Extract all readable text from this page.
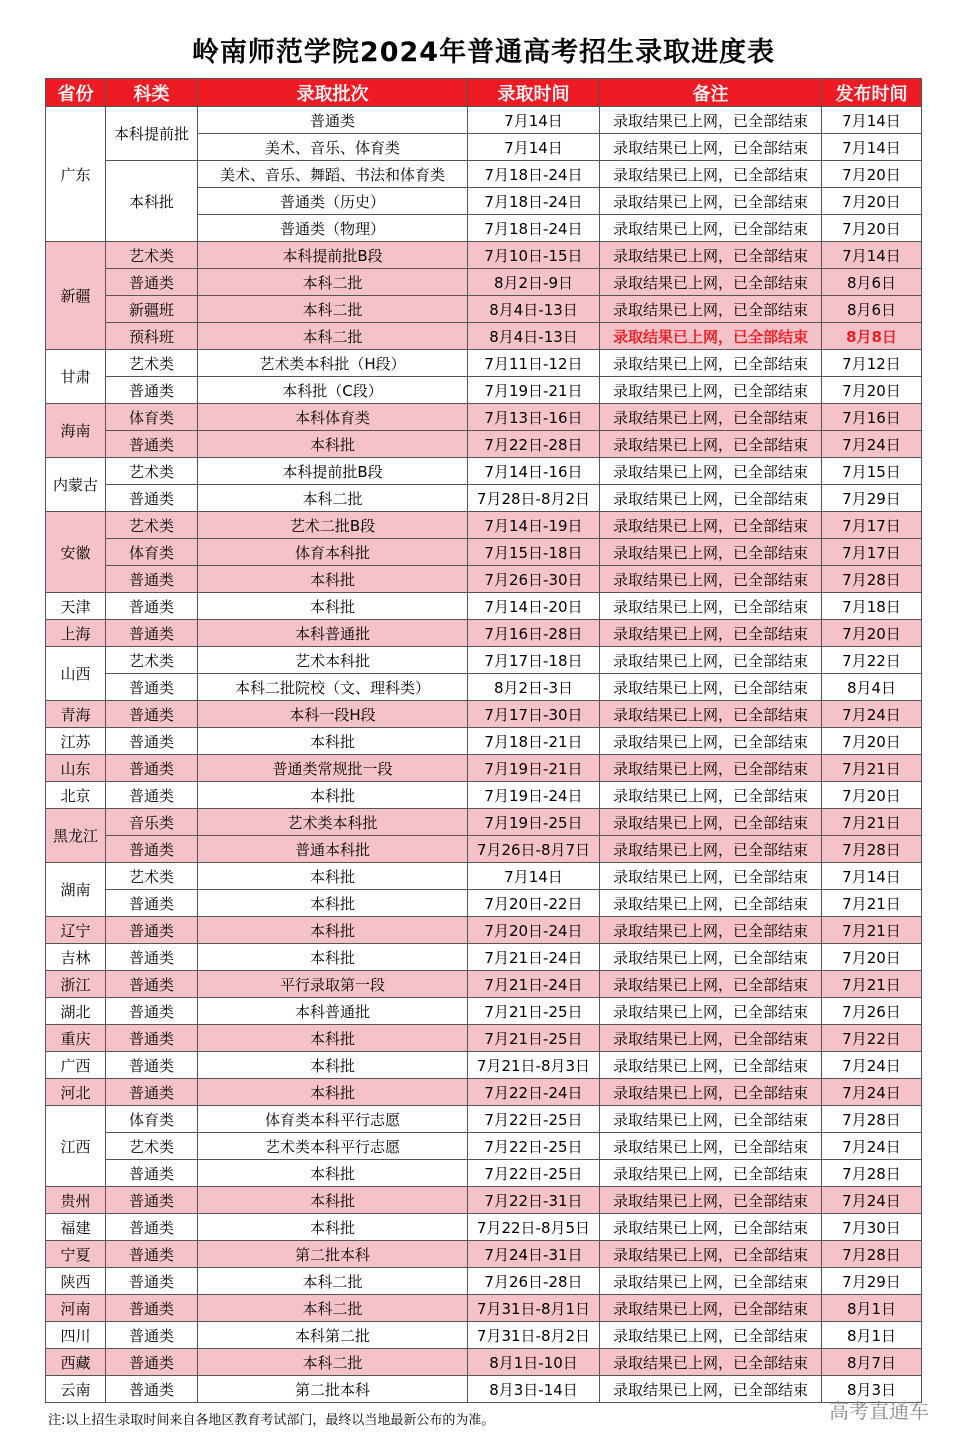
岭南师范学院2024年普通高考招生录取进度表
省份	科类	录取批次	录取时间	备注	发布时间
广东	本科提前批	普通类	7月14日	录取结果已上网，已全部结束	7月14日
		美术、音乐、体育类	7月14日	录取结果已上网，已全部结束	7月14日
	本科批	美术、音乐、舞蹈、书法和体育类	7月18日-24日	录取结果已上网，已全部结束	7月20日
		普通类（历史）	7月18日-24日	录取结果已上网，已全部结束	7月20日
		普通类（物理）	7月18日-24日	录取结果已上网，已全部结束	7月20日
新疆	艺术类	本科提前批B段	7月10日-15日	录取结果已上网，已全部结束	7月14日
	普通类	本科二批	8月2日-9日	录取结果已上网，已全部结束	8月6日
	新疆班	本科二批	8月4日-13日	录取结果已上网，已全部结束	8月6日
	预科班	本科二批	8月4日-13日	录取结果已上网，已全部结束	8月8日
甘肃	艺术类	艺术类本科批（H段）	7月11日-12日	录取结果已上网，已全部结束	7月12日
	普通类	本科批（C段）	7月19日-21日	录取结果已上网，已全部结束	7月20日
海南	体育类	本科体育类	7月13日-16日	录取结果已上网，已全部结束	7月16日
	普通类	本科批	7月22日-28日	录取结果已上网，已全部结束	7月24日
内蒙古	艺术类	本科提前批B段	7月14日-16日	录取结果已上网，已全部结束	7月15日
	普通类	本科二批	7月28日-8月2日	录取结果已上网，已全部结束	7月29日
安徽	艺术类	艺术二批B段	7月14日-19日	录取结果已上网，已全部结束	7月17日
	体育类	体育本科批	7月15日-18日	录取结果已上网，已全部结束	7月17日
	普通类	本科批	7月26日-30日	录取结果已上网，已全部结束	7月28日
天津	普通类	本科批	7月14日-20日	录取结果已上网，已全部结束	7月18日
上海	普通类	本科普通批	7月16日-28日	录取结果已上网，已全部结束	7月20日
山西	艺术类	艺术本科批	7月17日-18日	录取结果已上网，已全部结束	7月22日
	普通类	本科二批院校（文、理科类）	8月2日-3日	录取结果已上网，已全部结束	8月4日
青海	普通类	本科一段H段	7月17日-30日	录取结果已上网，已全部结束	7月24日
江苏	普通类	本科批	7月18日-21日	录取结果已上网，已全部结束	7月20日
山东	普通类	普通类常规批一段	7月19日-21日	录取结果已上网，已全部结束	7月21日
北京	普通类	本科批	7月19日-24日	录取结果已上网，已全部结束	7月20日
黑龙江	音乐类	艺术类本科批	7月19日-25日	录取结果已上网，已全部结束	7月21日
	普通类	普通本科批	7月26日-8月7日	录取结果已上网，已全部结束	7月28日
湖南	艺术类	本科批	7月14日	录取结果已上网，已全部结束	7月14日
	普通类	本科批	7月20日-22日	录取结果已上网，已全部结束	7月21日
辽宁	普通类	本科批	7月20日-24日	录取结果已上网，已全部结束	7月21日
吉林	普通类	本科批	7月21日-24日	录取结果已上网，已全部结束	7月20日
浙江	普通类	平行录取第一段	7月21日-24日	录取结果已上网，已全部结束	7月21日
湖北	普通类	本科普通批	7月21日-25日	录取结果已上网，已全部结束	7月26日
重庆	普通类	本科批	7月21日-25日	录取结果已上网，已全部结束	7月22日
广西	普通类	本科批	7月21日-8月3日	录取结果已上网，已全部结束	7月24日
河北	普通类	本科批	7月22日-24日	录取结果已上网，已全部结束	7月24日
江西	体育类	体育类本科平行志愿	7月22日-25日	录取结果已上网，已全部结束	7月28日
	艺术类	艺术类本科平行志愿	7月22日-25日	录取结果已上网，已全部结束	7月24日
	普通类	本科批	7月22日-25日	录取结果已上网，已全部结束	7月28日
贵州	普通类	本科批	7月22日-31日	录取结果已上网，已全部结束	7月24日
福建	普通类	本科批	7月22日-8月5日	录取结果已上网，已全部结束	7月30日
宁夏	普通类	第二批本科	7月24日-31日	录取结果已上网，已全部结束	7月28日
陕西	普通类	本科二批	7月26日-28日	录取结果已上网，已全部结束	7月29日
河南	普通类	本科二批	7月31日-8月1日	录取结果已上网，已全部结束	8月1日
四川	普通类	本科第二批	7月31日-8月2日	录取结果已上网，已全部结束	8月1日
西藏	普通类	本科二批	8月1日-10日	录取结果已上网，已全部结束	8月7日
云南	普通类	第二批本科	8月3日-14日	录取结果已上网，已全部结束	8月3日
注:以上招生录取时间来自各地区教育考试部门，最终以当地最新公布的为准。	高考直通车
